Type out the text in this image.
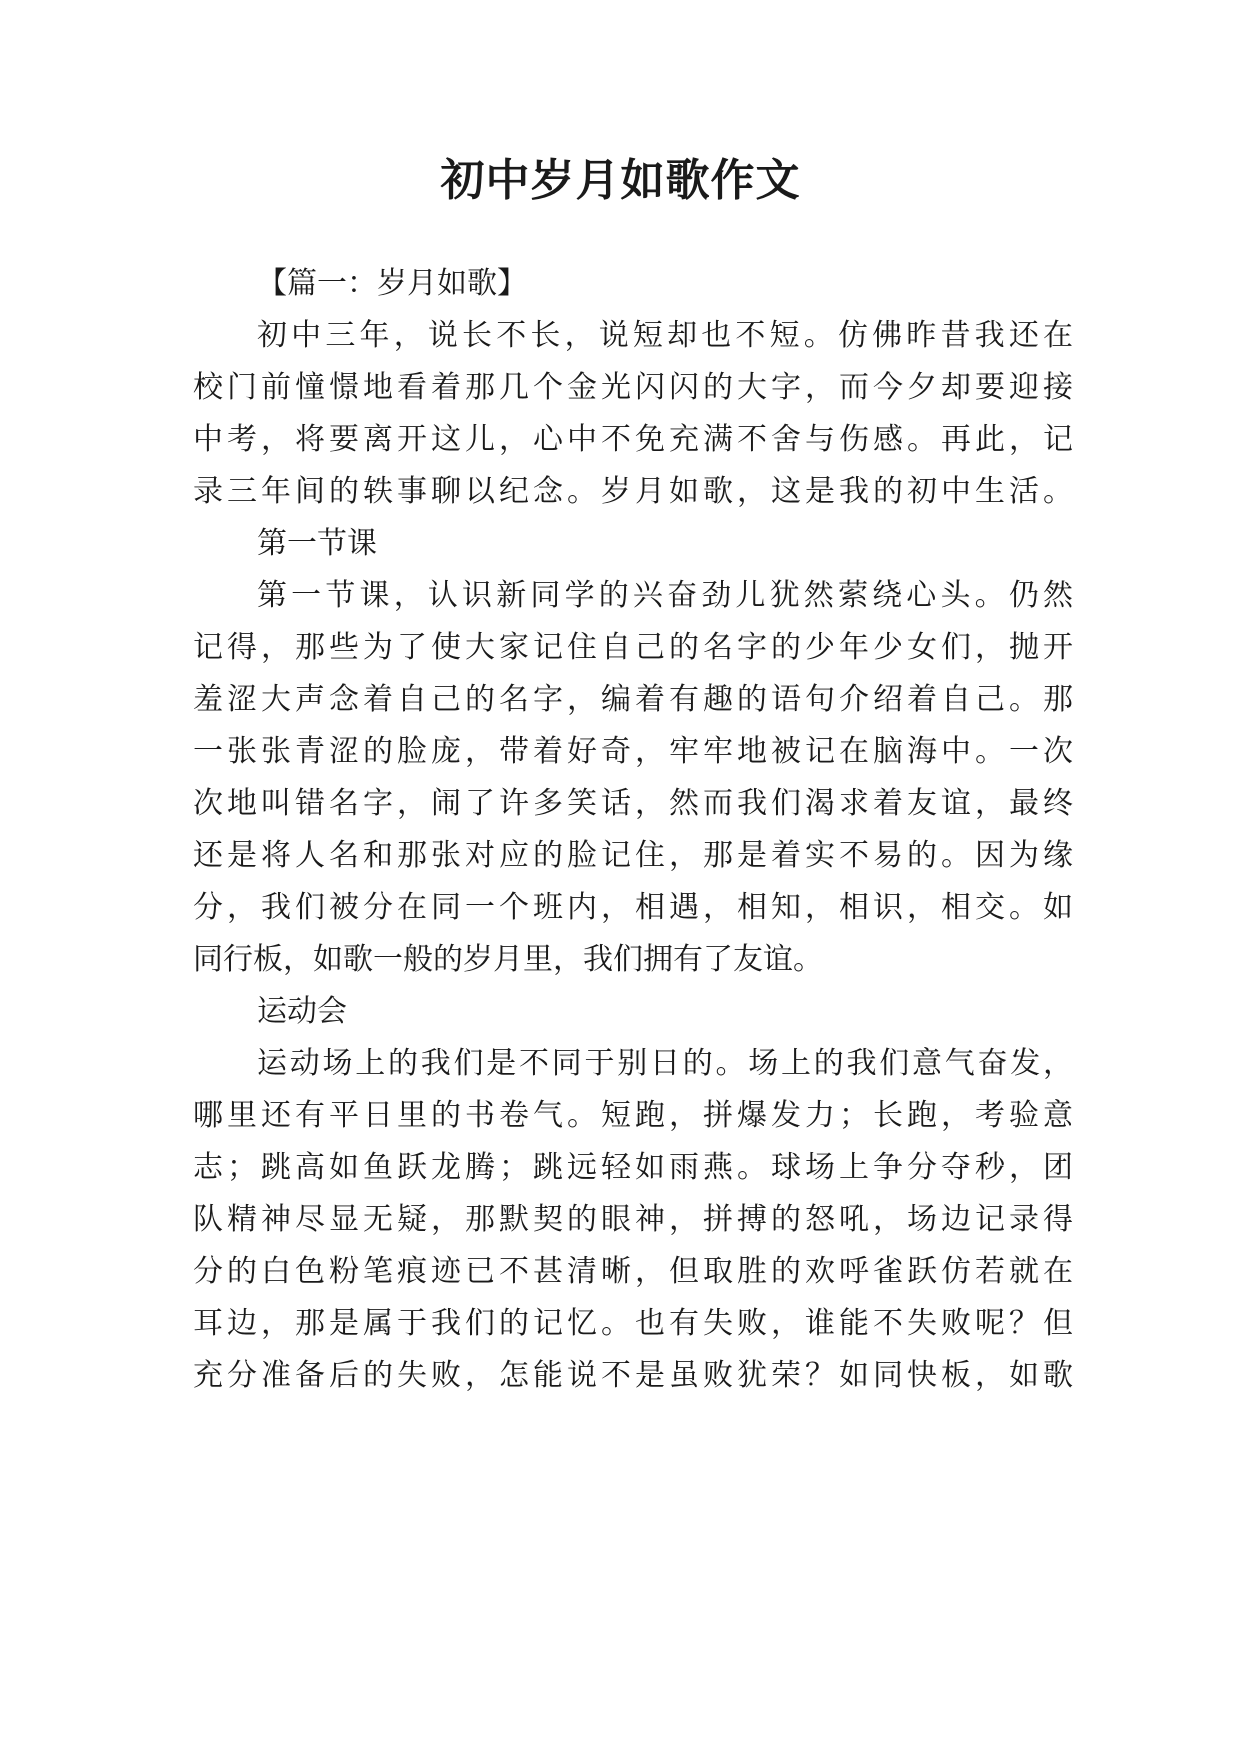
初中岁月如歌作文

【篇一：岁月如歌】

初中三年，说长不长，说短却也不短。仿佛昨昔我还在

校门前憧憬地看着那几个金光闪闪的大字，而今夕却要迎接

中考，将要离开这儿，心中不免充满不舍与伤感。再此，记

录三年间的轶事聊以纪念。岁月如歌，这是我的初中生活。

第一节课

第一节课，认识新同学的兴奋劲儿犹然萦绕心头。仍然

记得，那些为了使大家记住自己的名字的少年少女们，抛开

羞涩大声念着自己的名字，编着有趣的语句介绍着自己。那

一张张青涩的脸庞，带着好奇，牢牢地被记在脑海中。一次

次地叫错名字，闹了许多笑话，然而我们渴求着友谊，最终

还是将人名和那张对应的脸记住，那是着实不易的。因为缘

分，我们被分在同一个班内，相遇，相知，相识，相交。如

同行板，如歌一般的岁月里，我们拥有了友谊。

运动会

运动场上的我们是不同于别日的。场上的我们意气奋发，

哪里还有平日里的书卷气。短跑，拼爆发力；长跑，考验意

志；跳高如鱼跃龙腾；跳远轻如雨燕。球场上争分夺秒，团

队精神尽显无疑，那默契的眼神，拼搏的怒吼，场边记录得

分的白色粉笔痕迹已不甚清晰，但取胜的欢呼雀跃仿若就在

耳边，那是属于我们的记忆。也有失败，谁能不失败呢？但

充分准备后的失败，怎能说不是虽败犹荣？如同快板，如歌
